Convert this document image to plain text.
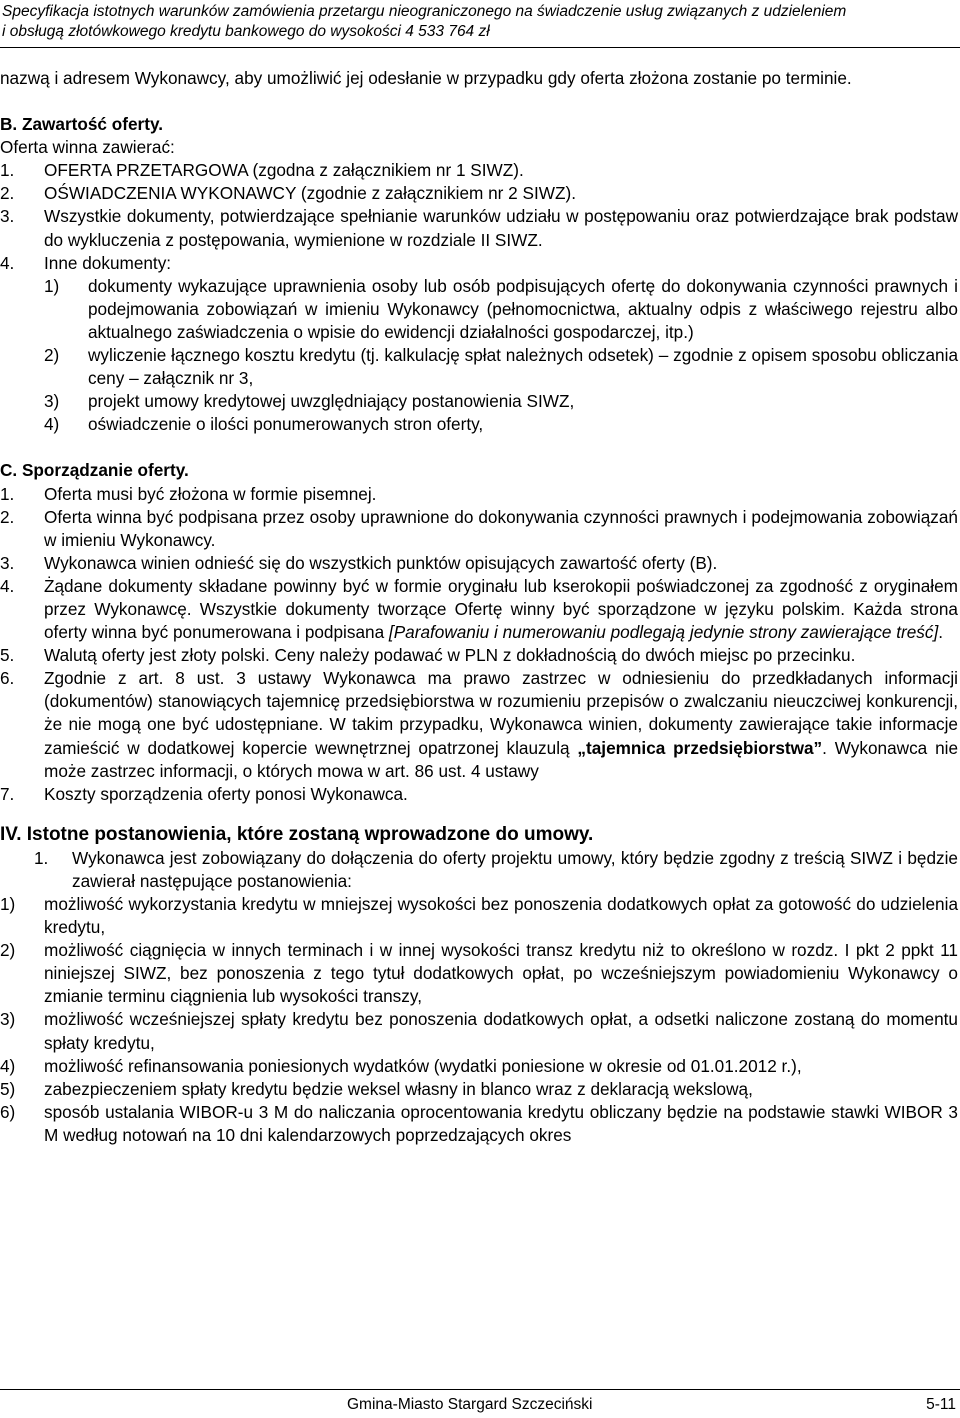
Specyfikacja istotnych warunków zamówienia przetargu nieograniczonego na świadczenie usług związanych z udzieleniem
i obsługą złotówkowego kredytu bankowego do wysokości 4 533 764 zł
nazwą i adresem Wykonawcy, aby umożliwić jej odesłanie w przypadku gdy oferta złożona zostanie po terminie.
B. Zawartość oferty.
Oferta winna zawierać:
1.	OFERTA PRZETARGOWA (zgodna z załącznikiem nr 1 SIWZ).
2.	OŚWIADCZENIA WYKONAWCY (zgodnie z załącznikiem nr 2 SIWZ).
3.	Wszystkie dokumenty, potwierdzające spełnianie warunków udziału w postępowaniu oraz potwierdzające brak podstaw do wykluczenia z postępowania, wymienione w rozdziale II SIWZ.
4.	Inne dokumenty:
1)	dokumenty wykazujące uprawnienia osoby lub osób podpisujących ofertę do dokonywania czynności prawnych i podejmowania zobowiązań w imieniu Wykonawcy (pełnomocnictwa, aktualny odpis z właściwego rejestru albo aktualnego zaświadczenia o wpisie do ewidencji działalności gospodarczej, itp.)
2)	wyliczenie łącznego kosztu kredytu (tj. kalkulację spłat należnych odsetek) – zgodnie z opisem sposobu obliczania ceny – załącznik nr 3,
3)	projekt umowy kredytowej uwzględniający postanowienia SIWZ,
4)	oświadczenie o ilości ponumerowanych stron oferty,
C. Sporządzanie oferty.
1.	Oferta musi być złożona w formie pisemnej.
2.	Oferta winna być podpisana przez osoby uprawnione do dokonywania czynności prawnych i podejmowania zobowiązań w imieniu Wykonawcy.
3.	Wykonawca winien odnieść się do wszystkich punktów opisujących zawartość oferty (B).
4.	Żądane dokumenty składane powinny być w formie oryginału lub kserokopii poświadczonej za zgodność z oryginałem przez Wykonawcę. Wszystkie dokumenty tworzące Ofertę winny być sporządzone w języku polskim. Każda strona oferty winna być ponumerowana i podpisana [Parafowaniu i numerowaniu podlegają jedynie strony zawierające treść].
5.	Walutą oferty jest złoty polski. Ceny należy podawać w PLN z dokładnością do dwóch miejsc po przecinku.
6.	Zgodnie z art. 8 ust. 3 ustawy Wykonawca ma prawo zastrzec w odniesieniu do przedkładanych informacji (dokumentów) stanowiących tajemnicę przedsiębiorstwa w rozumieniu przepisów o zwalczaniu nieuczciwej konkurencji, że nie mogą one być udostępniane. W takim przypadku, Wykonawca winien, dokumenty zawierające takie informacje zamieścić w dodatkowej kopercie wewnętrznej opatrzonej klauzulą „tajemnica przedsiębiorstwa”. Wykonawca nie może zastrzec informacji, o których mowa w art. 86 ust. 4 ustawy
7.	Koszty sporządzenia oferty ponosi Wykonawca.
IV. Istotne postanowienia, które zostaną wprowadzone do umowy.
1.	Wykonawca jest zobowiązany do dołączenia do oferty projektu umowy, który będzie zgodny z treścią SIWZ i będzie zawierał następujące postanowienia:
1)	możliwość wykorzystania kredytu w mniejszej wysokości bez ponoszenia dodatkowych opłat za gotowość do udzielenia kredytu,
2)	możliwość ciągnięcia w innych terminach i w innej wysokości transz kredytu niż to określono w rozdz. I pkt 2 ppkt 11 niniejszej SIWZ, bez ponoszenia z tego tytuł dodatkowych opłat, po wcześniejszym powiadomieniu Wykonawcy o zmianie terminu ciągnienia lub wysokości transzy,
3)	możliwość wcześniejszej spłaty kredytu bez ponoszenia dodatkowych opłat, a odsetki naliczone zostaną do momentu spłaty kredytu,
4)	możliwość refinansowania poniesionych wydatków (wydatki poniesione w okresie od 01.01.2012 r.),
5)	zabezpieczeniem spłaty kredytu będzie weksel własny in blanco wraz z deklaracją wekslową,
6)	sposób ustalania WIBOR-u 3 M do naliczania oprocentowania kredytu obliczany będzie na podstawie stawki WIBOR 3 M według notowań na 10 dni kalendarzowych poprzedzających okres
Gmina-Miasto Stargard Szczeciński	5-11
